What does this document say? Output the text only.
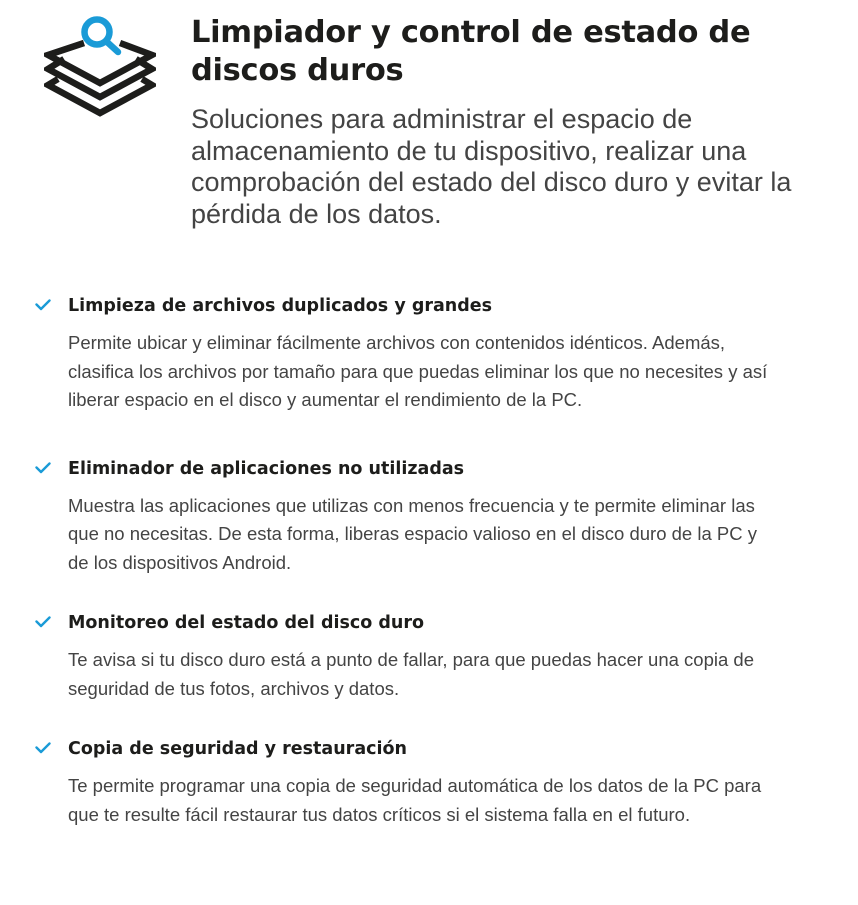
Limpiador y control de estado de discos duros

Soluciones para administrar el espacio de almacenamiento de tu dispositivo, realizar una comprobación del estado del disco duro y evitar la pérdida de los datos.

Limpieza de archivos duplicados y grandes

Permite ubicar y eliminar fácilmente archivos con contenidos idénticos. Además, clasifica los archivos por tamaño para que puedas eliminar los que no necesites y así liberar espacio en el disco y aumentar el rendimiento de la PC.

Eliminador de aplicaciones no utilizadas

Muestra las aplicaciones que utilizas con menos frecuencia y te permite eliminar las que no necesitas. De esta forma, liberas espacio valioso en el disco duro de la PC y de los dispositivos Android.

Monitoreo del estado del disco duro

Te avisa si tu disco duro está a punto de fallar, para que puedas hacer una copia de seguridad de tus fotos, archivos y datos.

Copia de seguridad y restauración

Te permite programar una copia de seguridad automática de los datos de la PC para que te resulte fácil restaurar tus datos críticos si el sistema falla en el futuro.
